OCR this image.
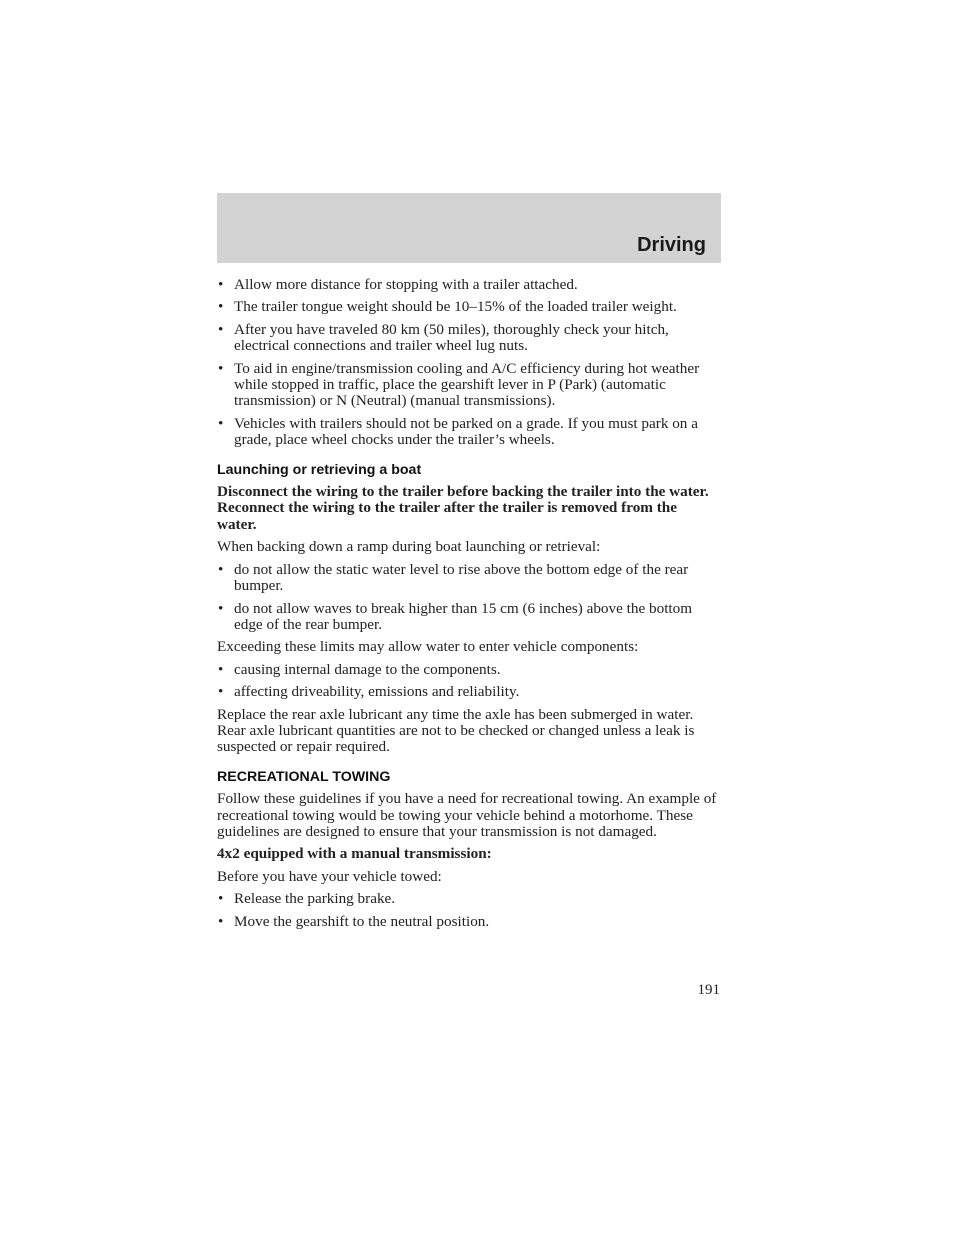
Driving
• Allow more distance for stopping with a trailer attached.
• The trailer tongue weight should be 10–15% of the loaded trailer weight.
• After you have traveled 80 km (50 miles), thoroughly check your hitch, electrical connections and trailer wheel lug nuts.
• To aid in engine/transmission cooling and A/C efficiency during hot weather while stopped in traffic, place the gearshift lever in P (Park) (automatic transmission) or N (Neutral) (manual transmissions).
• Vehicles with trailers should not be parked on a grade. If you must park on a grade, place wheel chocks under the trailer’s wheels.
Launching or retrieving a boat

Disconnect the wiring to the trailer before backing the trailer into the water. Reconnect the wiring to the trailer after the trailer is removed from the water.

When backing down a ramp during boat launching or retrieval:

• do not allow the static water level to rise above the bottom edge of the rear bumper.
• do not allow waves to break higher than 15 cm (6 inches) above the bottom edge of the rear bumper.

Exceeding these limits may allow water to enter vehicle components:

• causing internal damage to the components.
• affecting driveability, emissions and reliability.

Replace the rear axle lubricant any time the axle has been submerged in water. Rear axle lubricant quantities are not to be checked or changed unless a leak is suspected or repair required.

RECREATIONAL TOWING

Follow these guidelines if you have a need for recreational towing. An example of recreational towing would be towing your vehicle behind a motorhome. These guidelines are designed to ensure that your transmission is not damaged.

4x2 equipped with a manual transmission:

Before you have your vehicle towed:

• Release the parking brake.
• Move the gearshift to the neutral position.
191
